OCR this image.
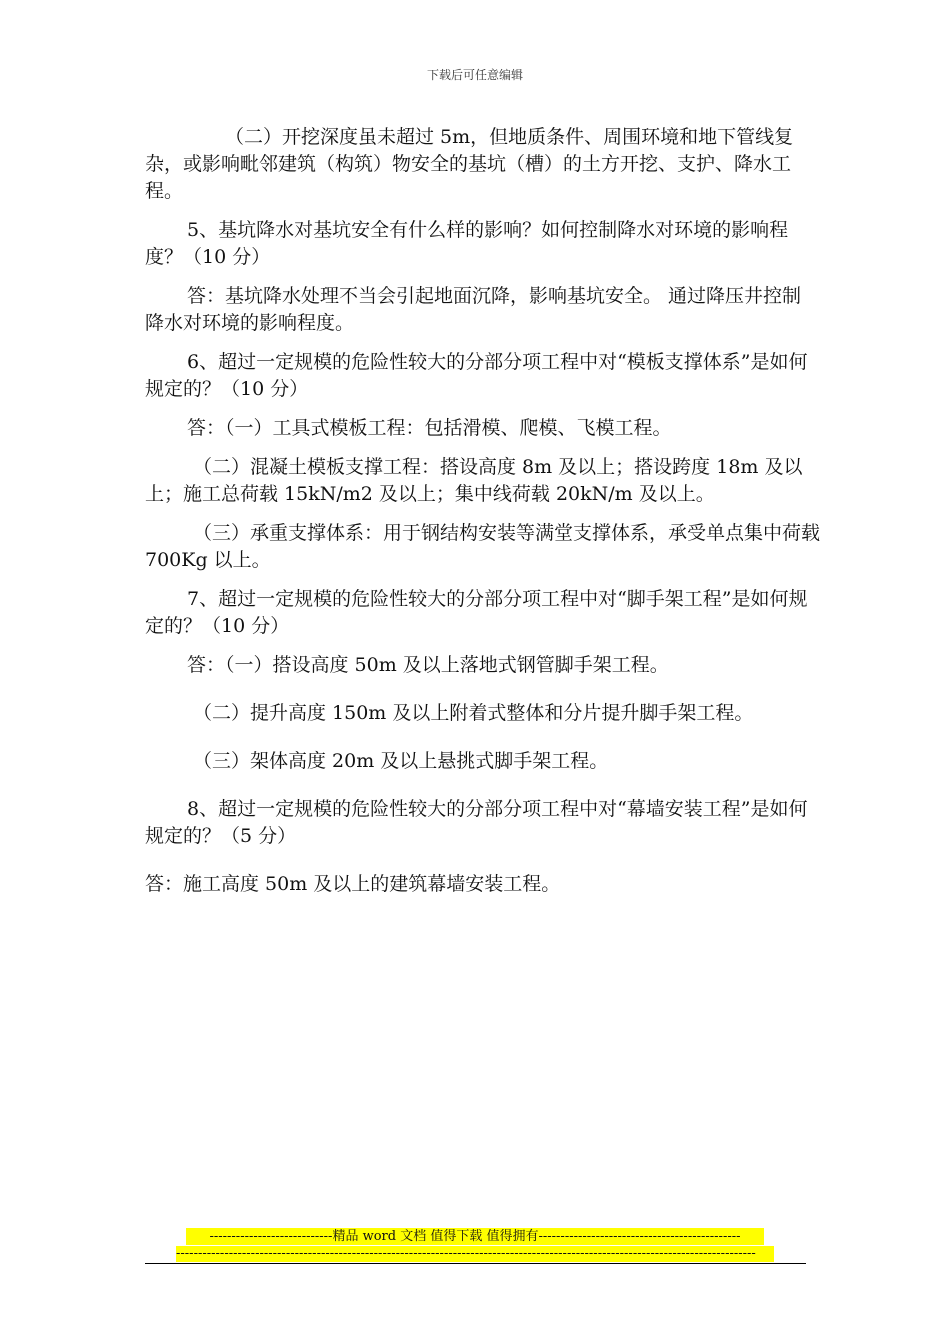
下载后可任意编辑

（二）开挖深度虽未超过 5m，但地质条件、周围环境和地下管线复杂，或影响毗邻建筑（构筑）物安全的基坑（槽）的土方开挖、支护、降水工程。

5、基坑降水对基坑安全有什么样的影响？如何控制降水对环境的影响程度？（10 分）

答：基坑降水处理不当会引起地面沉降，影响基坑安全。 通过降压井控制降水对环境的影响程度。

6、超过一定规模的危险性较大的分部分项工程中对“模板支撑体系”是如何规定的？（10 分）

答：（一）工具式模板工程：包括滑模、爬模、飞模工程。

（二）混凝土模板支撑工程：搭设高度 8m 及以上；搭设跨度 18m 及以上；施工总荷载 15kN/m2 及以上；集中线荷载 20kN/m 及以上。

（三）承重支撑体系：用于钢结构安装等满堂支撑体系，承受单点集中荷载 700Kg 以上。

7、超过一定规模的危险性较大的分部分项工程中对“脚手架工程”是如何规定的？（10 分）

答：（一）搭设高度 50m 及以上落地式钢管脚手架工程。

（二）提升高度 150m 及以上附着式整体和分片提升脚手架工程。

（三）架体高度 20m 及以上悬挑式脚手架工程。

8、超过一定规模的危险性较大的分部分项工程中对“幕墙安装工程”是如何规定的？（5 分）

答：施工高度 50m 及以上的建筑幕墙安装工程。

----------------------------精品 word 文档 值得下载 值得拥有----------------------------------------------
------------------------------------------------------------------------------------------------------------------------------------
